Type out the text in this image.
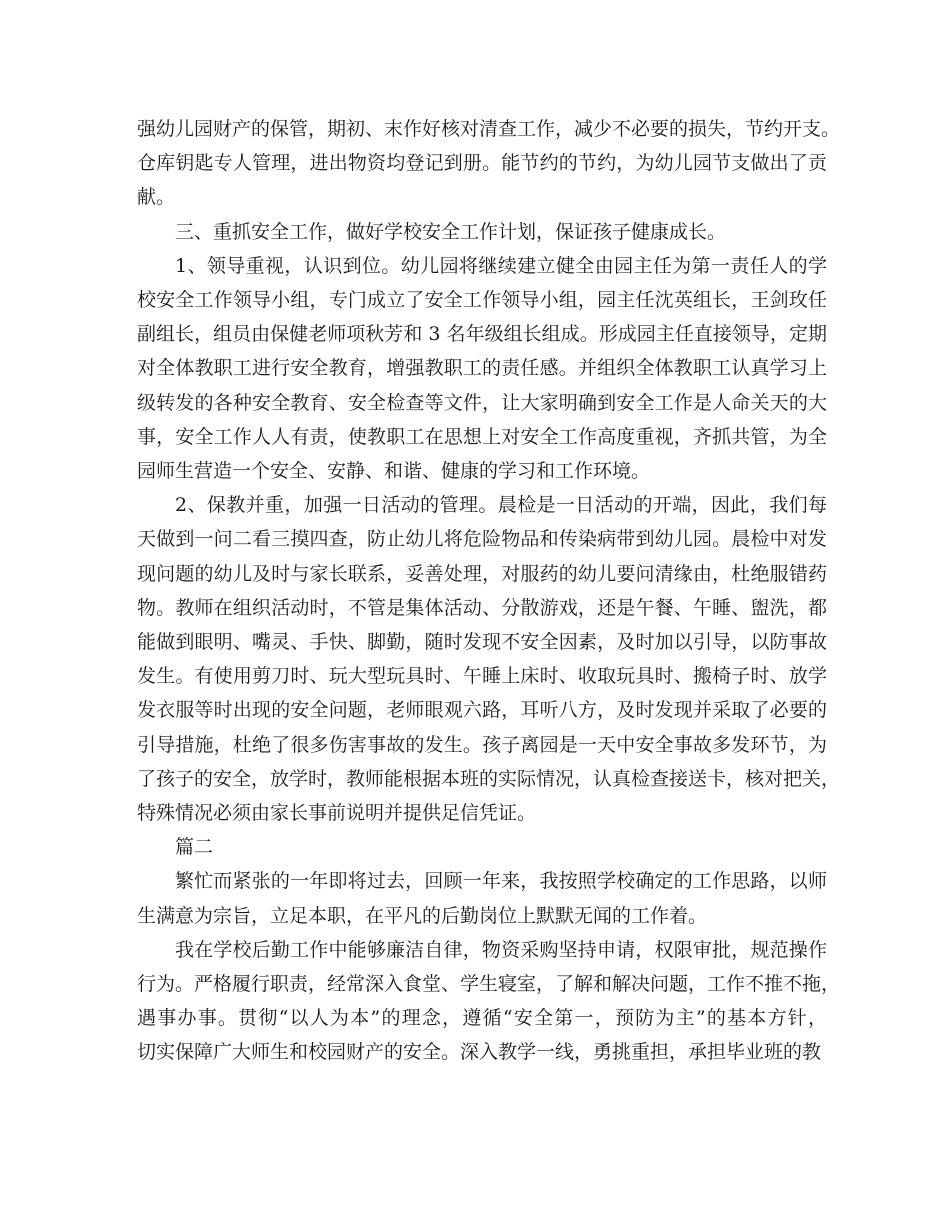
强幼儿园财产的保管，期初、末作好核对清查工作，减少不必要的损失，节约开支。
仓库钥匙专人管理，进出物资均登记到册。能节约的节约，为幼儿园节支做出了贡
献。
三、重抓安全工作，做好学校安全工作计划，保证孩子健康成长。
1、领导重视，认识到位。幼儿园将继续建立健全由园主任为第一责任人的学
校安全工作领导小组，专门成立了安全工作领导小组，园主任沈英组长，王剑玫任
副组长，组员由保健老师项秋芳和 3 名年级组长组成。形成园主任直接领导，定期
对全体教职工进行安全教育，增强教职工的责任感。并组织全体教职工认真学习上
级转发的各种安全教育、安全检查等文件，让大家明确到安全工作是人命关天的大
事，安全工作人人有责，使教职工在思想上对安全工作高度重视，齐抓共管，为全
园师生营造一个安全、安静、和谐、健康的学习和工作环境。
2、保教并重，加强一日活动的管理。晨检是一日活动的开端，因此，我们每
天做到一问二看三摸四查，防止幼儿将危险物品和传染病带到幼儿园。晨检中对发
现问题的幼儿及时与家长联系，妥善处理，对服药的幼儿要问清缘由，杜绝服错药
物。教师在组织活动时，不管是集体活动、分散游戏，还是午餐、午睡、盥洗，都
能做到眼明、嘴灵、手快、脚勤，随时发现不安全因素，及时加以引导，以防事故
发生。有使用剪刀时、玩大型玩具时、午睡上床时、收取玩具时、搬椅子时、放学
发衣服等时出现的安全问题，老师眼观六路，耳听八方，及时发现并采取了必要的
引导措施，杜绝了很多伤害事故的发生。孩子离园是一天中安全事故多发环节，为
了孩子的安全，放学时，教师能根据本班的实际情况，认真检查接送卡，核对把关，
特殊情况必须由家长事前说明并提供足信凭证。
篇二
繁忙而紧张的一年即将过去，回顾一年来，我按照学校确定的工作思路，以师
生满意为宗旨，立足本职，在平凡的后勤岗位上默默无闻的工作着。
我在学校后勤工作中能够廉洁自律，物资采购坚持申请，权限审批，规范操作
行为。严格履行职责，经常深入食堂、学生寝室，了解和解决问题，工作不推不拖，
遇事办事。贯彻“以人为本”的理念，遵循“安全第一，预防为主”的基本方针，
切实保障广大师生和校园财产的安全。深入教学一线，勇挑重担，承担毕业班的教
